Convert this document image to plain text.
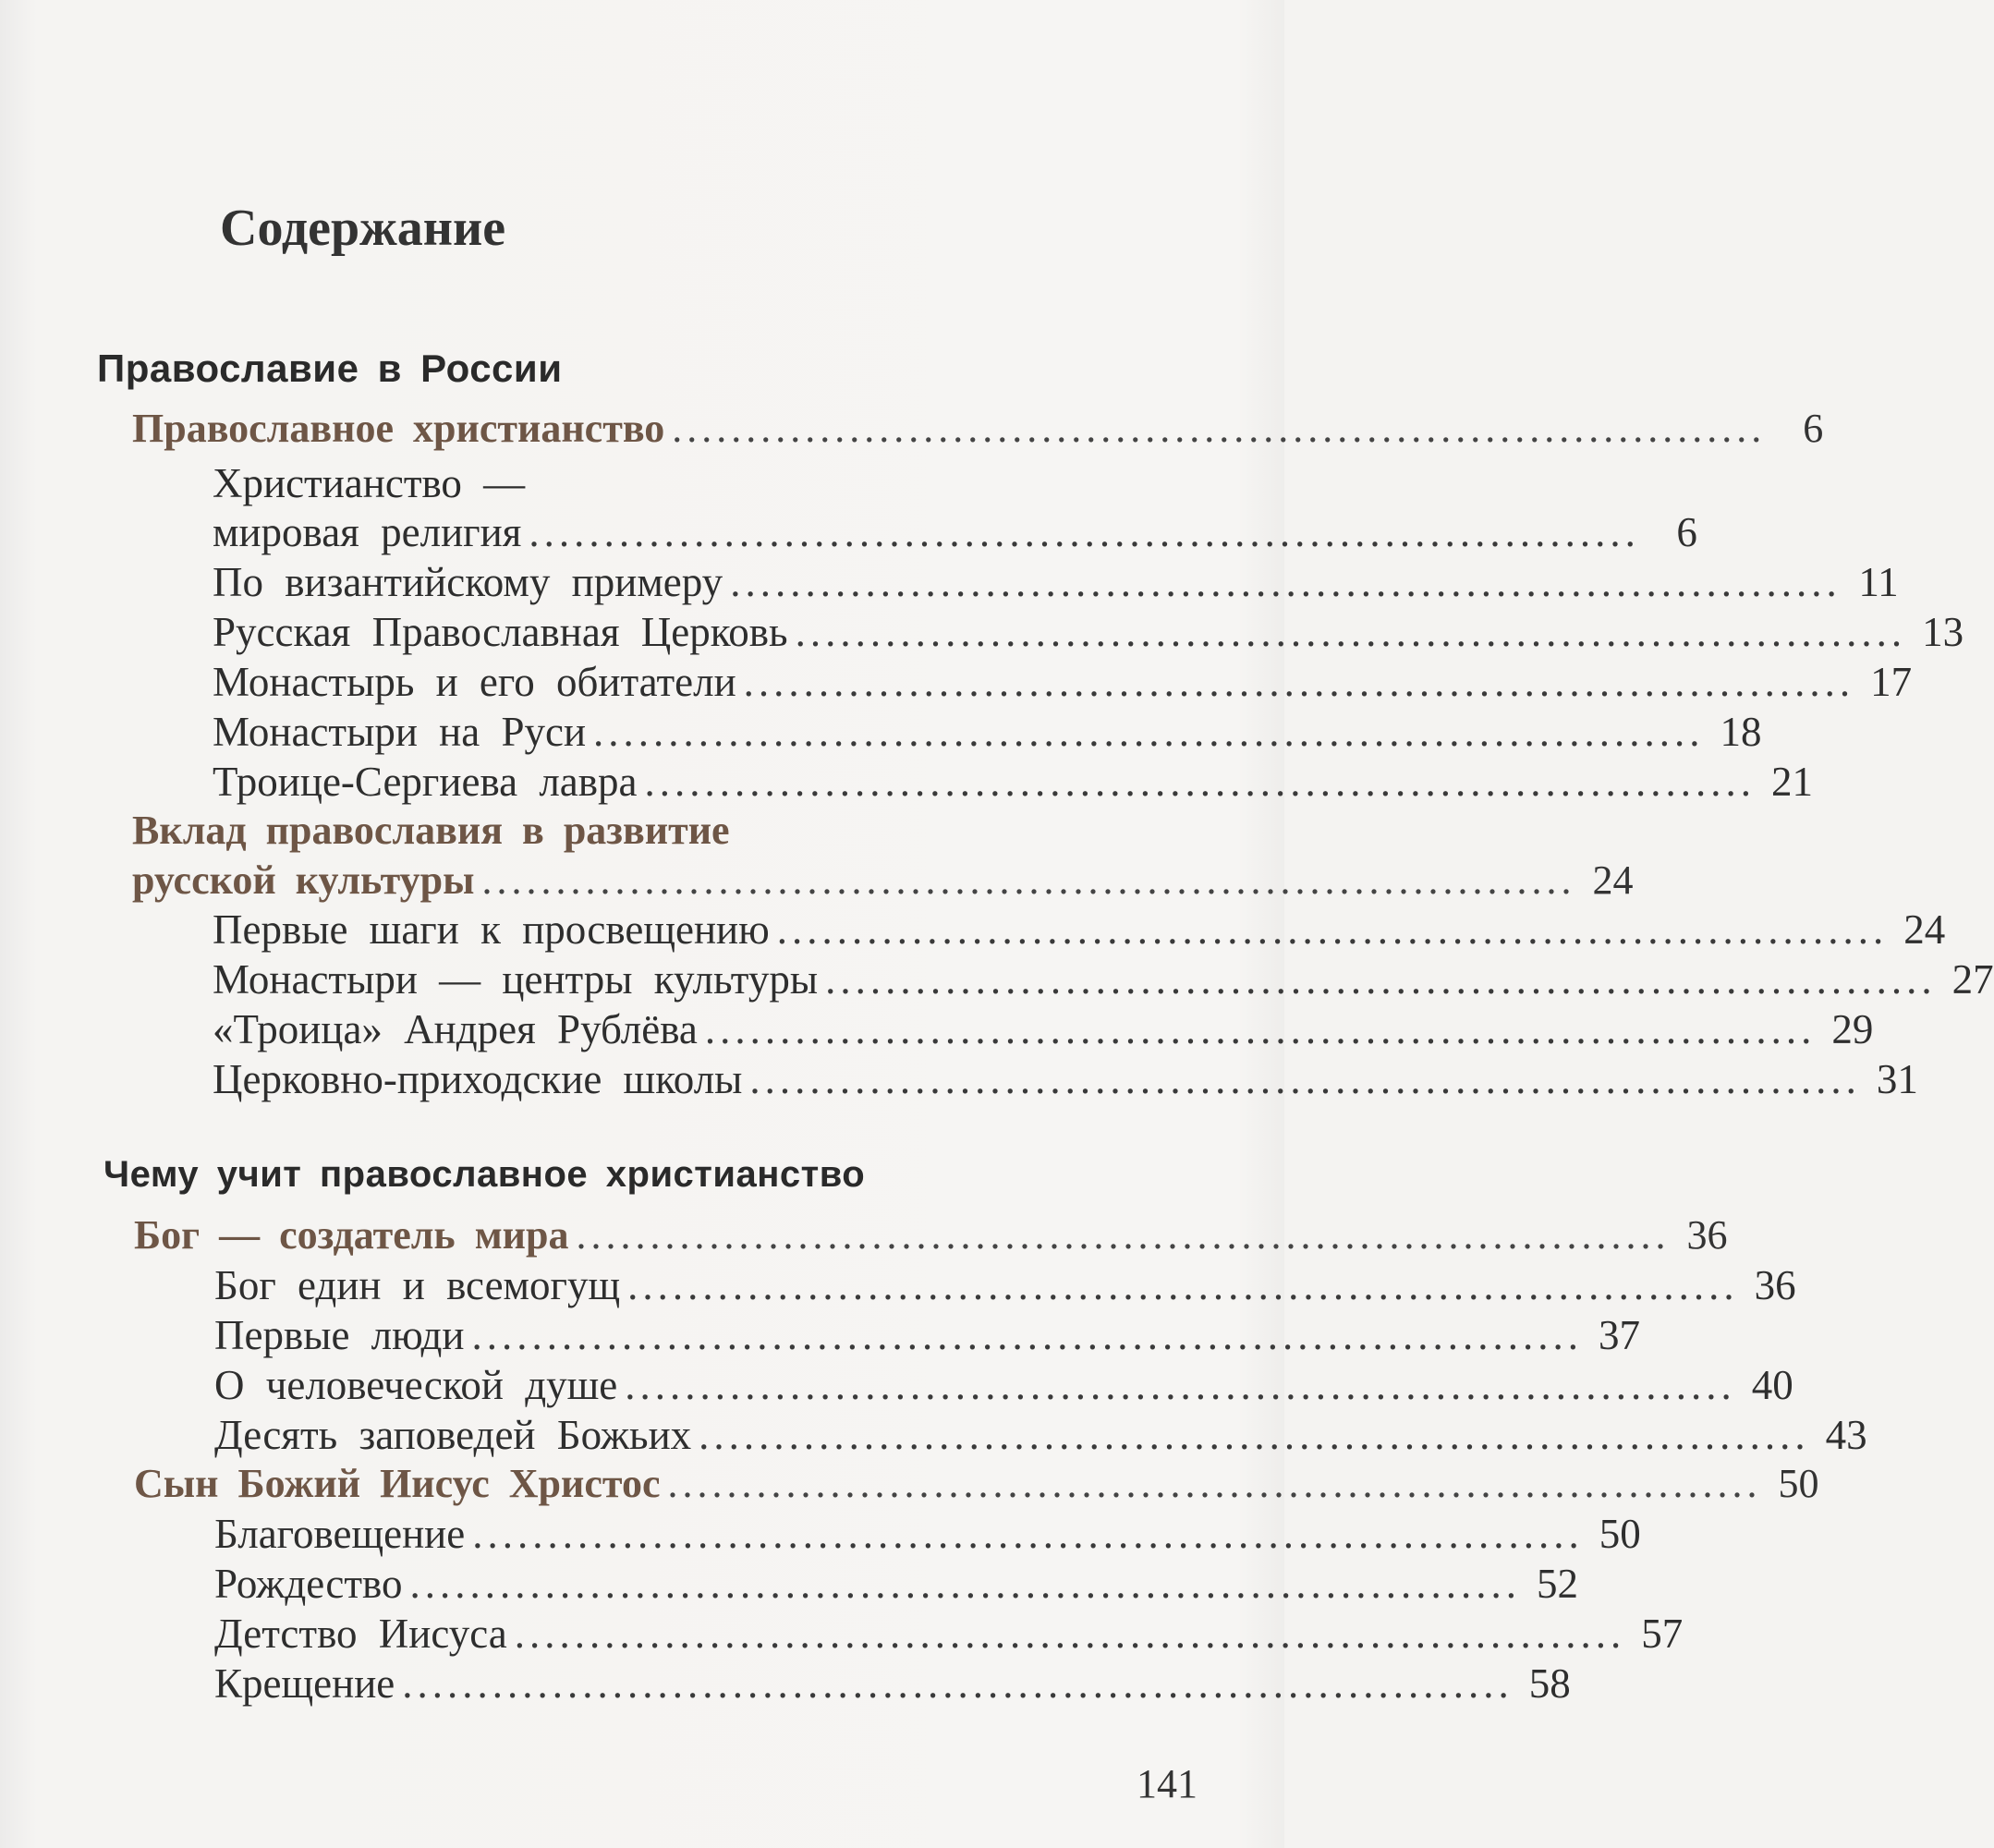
Содержание
Православие в России
Православное христианство .......................................................................... 6
Христианство —
мировая религия .......................................................................... 6
По византийскому примеру .......................................................................... 11
Русская Православная Церковь .......................................................................... 13
Монастырь и его обитатели .......................................................................... 17
Монастыри на Руси .......................................................................... 18
Троице-Сергиева лавра .......................................................................... 21
Вклад православия в развитие
русской культуры .......................................................................... 24
Первые шаги к просвещению .......................................................................... 24
Монастыри — центры культуры .......................................................................... 27
«Троица» Андрея Рублёва .......................................................................... 29
Церковно-приходские школы .......................................................................... 31
Чему учит православное христианство
Бог — создатель мира .......................................................................... 36
Бог един и всемогущ .......................................................................... 36
Первые люди .......................................................................... 37
О человеческой душе .......................................................................... 40
Десять заповедей Божьих .......................................................................... 43
Сын Божий Иисус Христос .......................................................................... 50
Благовещение .......................................................................... 50
Рождество .......................................................................... 52
Детство Иисуса .......................................................................... 57
Крещение .......................................................................... 58
141
